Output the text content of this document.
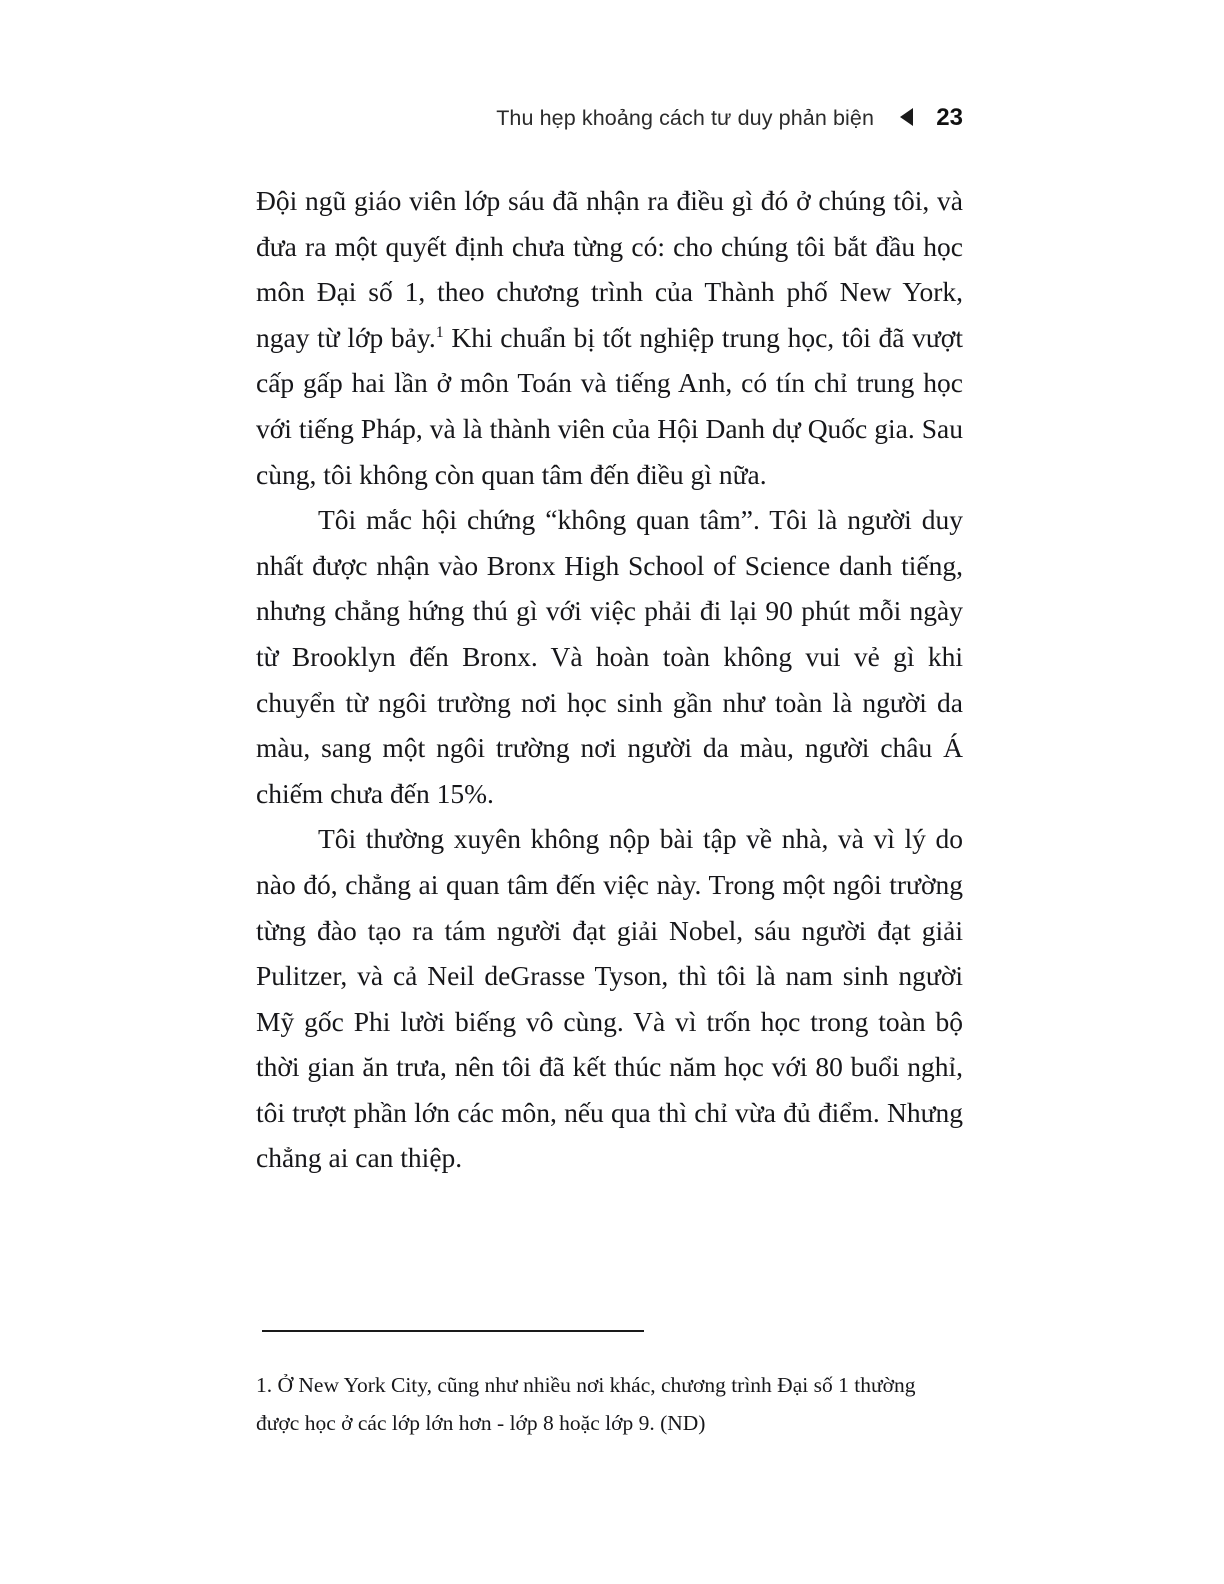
Thu hẹp khoảng cách tư duy phản biện	23

Đội ngũ giáo viên lớp sáu đã nhận ra điều gì đó ở chúng tôi, và đưa ra một quyết định chưa từng có: cho chúng tôi bắt đầu học môn Đại số 1, theo chương trình của Thành phố New York, ngay từ lớp bảy.$^1$ Khi chuẩn bị tốt nghiệp trung học, tôi đã vượt cấp gấp hai lần ở môn Toán và tiếng Anh, có tín chỉ trung học với tiếng Pháp, và là thành viên của Hội Danh dự Quốc gia. Sau cùng, tôi không còn quan tâm đến điều gì nữa.

Tôi mắc hội chứng “không quan tâm”. Tôi là người duy nhất được nhận vào Bronx High School of Science danh tiếng, nhưng chẳng hứng thú gì với việc phải đi lại 90 phút mỗi ngày từ Brooklyn đến Bronx. Và hoàn toàn không vui vẻ gì khi chuyển từ ngôi trường nơi học sinh gần như toàn là người da màu, sang một ngôi trường nơi người da màu, người châu Á chiếm chưa đến 15%.

Tôi thường xuyên không nộp bài tập về nhà, và vì lý do nào đó, chẳng ai quan tâm đến việc này. Trong một ngôi trường từng đào tạo ra tám người đạt giải Nobel, sáu người đạt giải Pulitzer, và cả Neil deGrasse Tyson, thì tôi là nam sinh người Mỹ gốc Phi lười biếng vô cùng. Và vì trốn học trong toàn bộ thời gian ăn trưa, nên tôi đã kết thúc năm học với 80 buổi nghỉ, tôi trượt phần lớn các môn, nếu qua thì chỉ vừa đủ điểm. Nhưng chẳng ai can thiệp.

1. Ở New York City, cũng như nhiều nơi khác, chương trình Đại số 1 thường được học ở các lớp lớn hơn - lớp 8 hoặc lớp 9. (ND)
